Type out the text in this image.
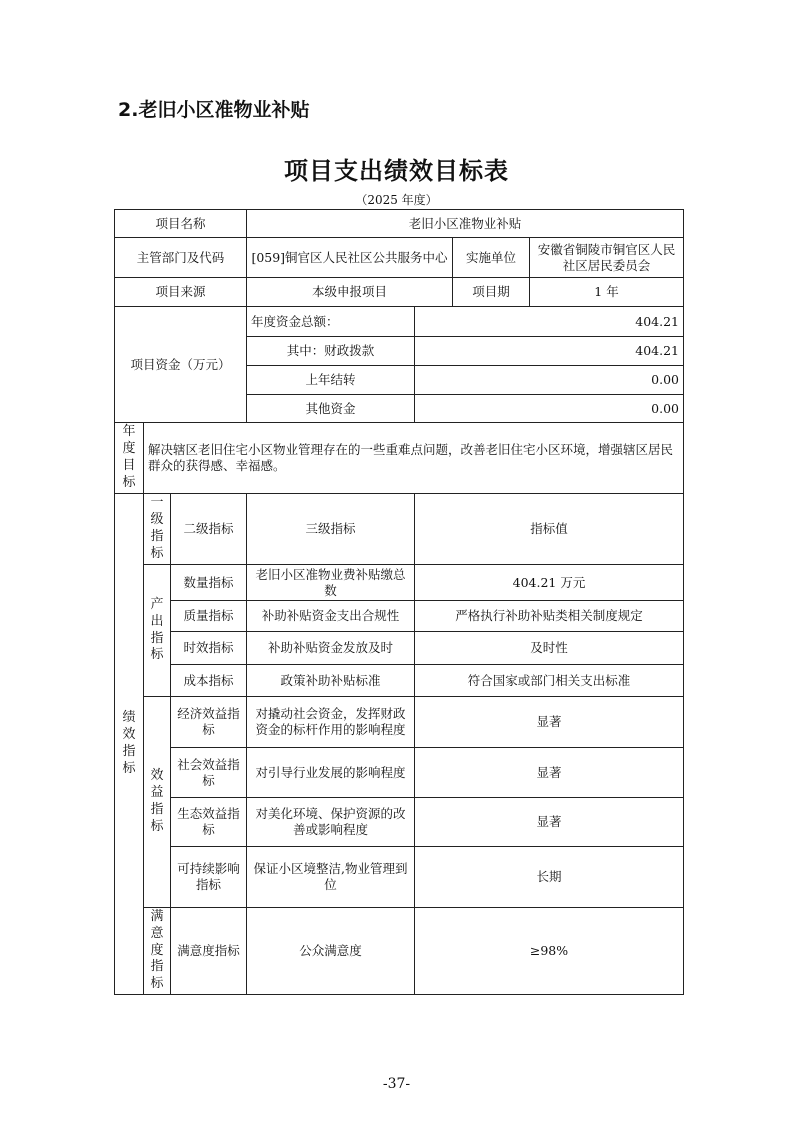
2.老旧小区准物业补贴
项目支出绩效目标表
（2025 年度）
项目名称			老旧小区准物业补贴			
主管部门及代码			[059]铜官区人民社区公共服务中心		实施单位	安徽省铜陵市铜官区人民社区居民委员会
项目来源			本级申报项目		项目期	1 年
项目资金（万元）			年度资金总额：	404.21		
			其中：财政拨款	404.21		
			上年结转	0.00		
			其他资金	0.00		
年度目标	解决辖区老旧住宅小区物业管理存在的一些重难点问题，改善老旧住宅小区环境，增强辖区居民群众的获得感、幸福感。					
绩效指标	一级指标	二级指标	三级指标	指标值		
	产出指标	数量指标	老旧小区准物业费补贴缴总数	404.21 万元		
		质量指标	补助补贴资金支出合规性	严格执行补助补贴类相关制度规定		
		时效指标	补助补贴资金发放及时	及时性		
		成本指标	政策补助补贴标准	符合国家或部门相关支出标准		
	效益指标	经济效益指标	对撬动社会资金，发挥财政资金的标杆作用的影响程度	显著		
		社会效益指标	对引导行业发展的影响程度	显著		
		生态效益指标	对美化环境、保护资源的改善或影响程度	显著		
		可持续影响指标	保证小区境整洁,物业管理到位	长期		
	满意度指标	满意度指标	公众满意度	≥98%		
-37-
